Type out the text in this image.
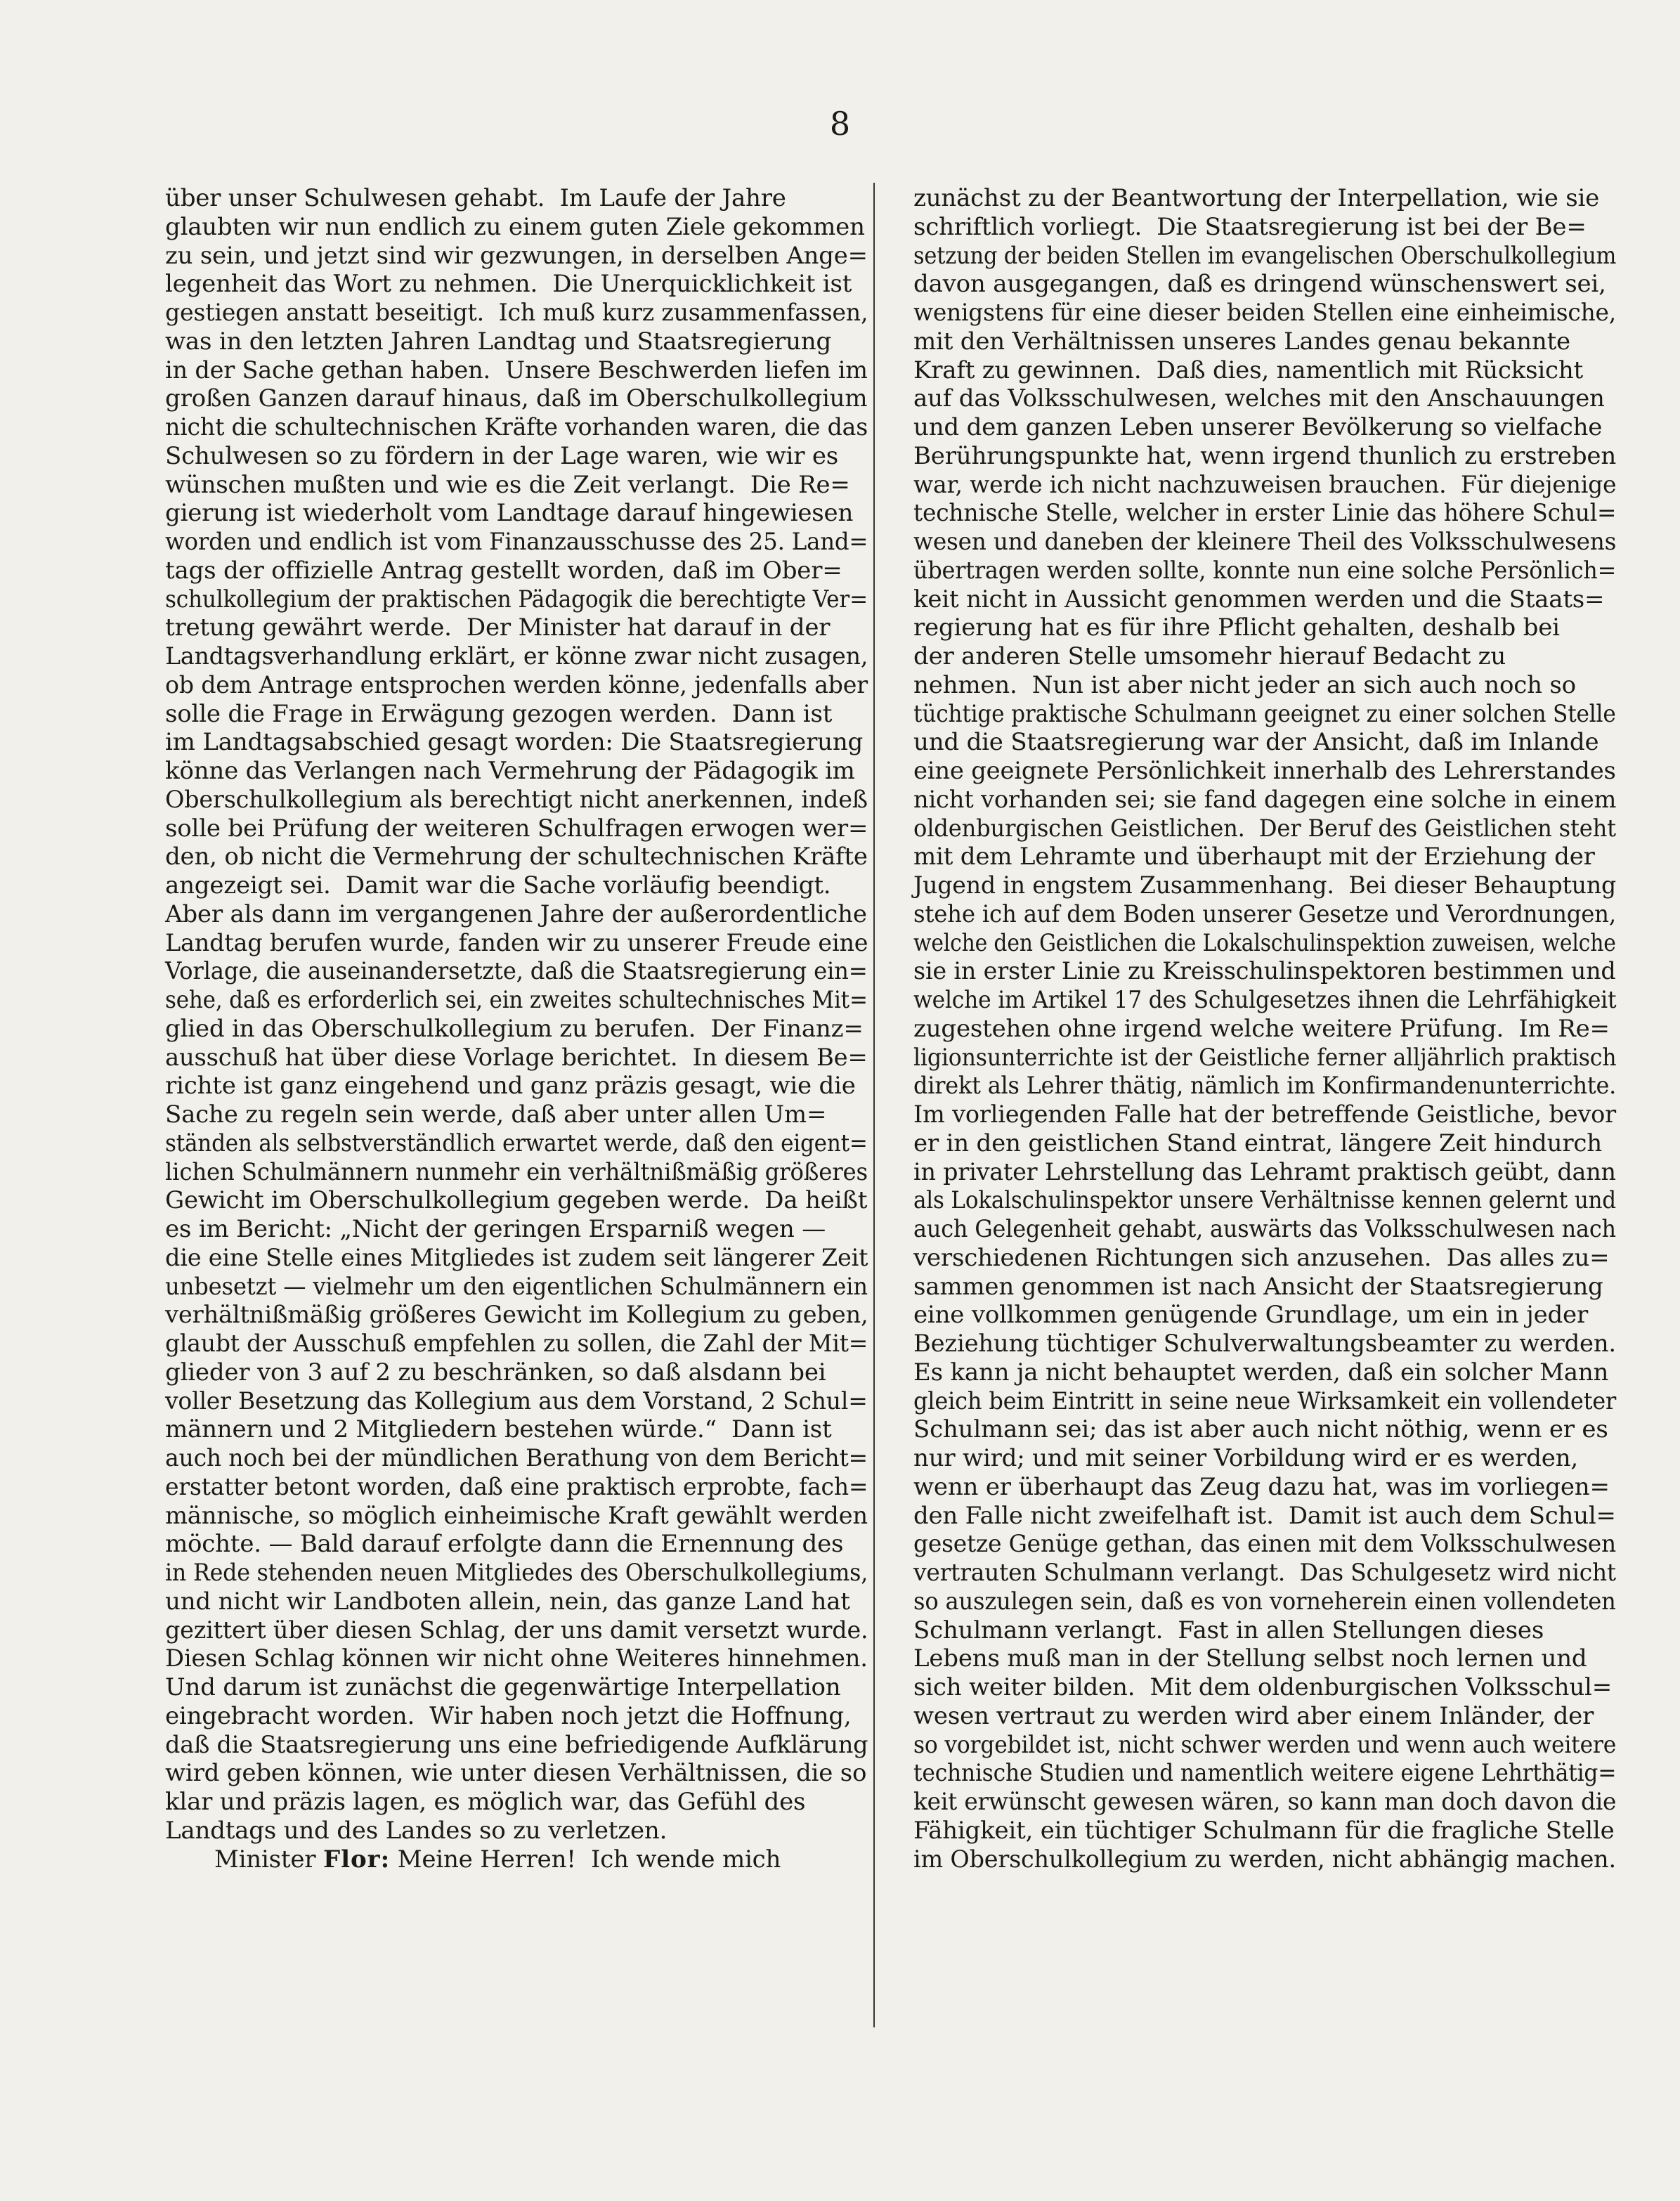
8
über unser Schulwesen gehabt.  Im Laufe der Jahre
glaubten wir nun endlich zu einem guten Ziele gekommen
zu sein, und jetzt sind wir gezwungen, in derselben Ange=
legenheit das Wort zu nehmen.  Die Unerquicklichkeit ist
gestiegen anstatt beseitigt.  Ich muß kurz zusammenfassen,
was in den letzten Jahren Landtag und Staatsregierung
in der Sache gethan haben.  Unsere Beschwerden liefen im
großen Ganzen darauf hinaus, daß im Oberschulkollegium
nicht die schultechnischen Kräfte vorhanden waren, die das
Schulwesen so zu fördern in der Lage waren, wie wir es
wünschen mußten und wie es die Zeit verlangt.  Die Re=
gierung ist wiederholt vom Landtage darauf hingewiesen
worden und endlich ist vom Finanzausschusse des 25. Land=
tags der offizielle Antrag gestellt worden, daß im Ober=
schulkollegium der praktischen Pädagogik die berechtigte Ver=
tretung gewährt werde.  Der Minister hat darauf in der
Landtagsverhandlung erklärt, er könne zwar nicht zusagen,
ob dem Antrage entsprochen werden könne, jedenfalls aber
solle die Frage in Erwägung gezogen werden.  Dann ist
im Landtagsabschied gesagt worden: Die Staatsregierung
könne das Verlangen nach Vermehrung der Pädagogik im
Oberschulkollegium als berechtigt nicht anerkennen, indeß
solle bei Prüfung der weiteren Schulfragen erwogen wer=
den, ob nicht die Vermehrung der schultechnischen Kräfte
angezeigt sei.  Damit war die Sache vorläufig beendigt.
Aber als dann im vergangenen Jahre der außerordentliche
Landtag berufen wurde, fanden wir zu unserer Freude eine
Vorlage, die auseinandersetzte, daß die Staatsregierung ein=
sehe, daß es erforderlich sei, ein zweites schultechnisches Mit=
glied in das Oberschulkollegium zu berufen.  Der Finanz=
ausschuß hat über diese Vorlage berichtet.  In diesem Be=
richte ist ganz eingehend und ganz präzis gesagt, wie die
Sache zu regeln sein werde, daß aber unter allen Um=
ständen als selbstverständlich erwartet werde, daß den eigent=
lichen Schulmännern nunmehr ein verhältnißmäßig größeres
Gewicht im Oberschulkollegium gegeben werde.  Da heißt
es im Bericht: „Nicht der geringen Ersparniß wegen —
die eine Stelle eines Mitgliedes ist zudem seit längerer Zeit
unbesetzt — vielmehr um den eigentlichen Schulmännern ein
verhältnißmäßig größeres Gewicht im Kollegium zu geben,
glaubt der Ausschuß empfehlen zu sollen, die Zahl der Mit=
glieder von 3 auf 2 zu beschränken, so daß alsdann bei
voller Besetzung das Kollegium aus dem Vorstand, 2 Schul=
männern und 2 Mitgliedern bestehen würde.“  Dann ist
auch noch bei der mündlichen Berathung von dem Bericht=
erstatter betont worden, daß eine praktisch erprobte, fach=
männische, so möglich einheimische Kraft gewählt werden
möchte. — Bald darauf erfolgte dann die Ernennung des
in Rede stehenden neuen Mitgliedes des Oberschulkollegiums,
und nicht wir Landboten allein, nein, das ganze Land hat
gezittert über diesen Schlag, der uns damit versetzt wurde.
Diesen Schlag können wir nicht ohne Weiteres hinnehmen.
Und darum ist zunächst die gegenwärtige Interpellation
eingebracht worden.  Wir haben noch jetzt die Hoffnung,
daß die Staatsregierung uns eine befriedigende Aufklärung
wird geben können, wie unter diesen Verhältnissen, die so
klar und präzis lagen, es möglich war, das Gefühl des
Landtags und des Landes so zu verletzen.
Minister Flor: Meine Herren!  Ich wende mich
zunächst zu der Beantwortung der Interpellation, wie sie
schriftlich vorliegt.  Die Staatsregierung ist bei der Be=
setzung der beiden Stellen im evangelischen Oberschulkollegium
davon ausgegangen, daß es dringend wünschenswert sei,
wenigstens für eine dieser beiden Stellen eine einheimische,
mit den Verhältnissen unseres Landes genau bekannte
Kraft zu gewinnen.  Daß dies, namentlich mit Rücksicht
auf das Volksschulwesen, welches mit den Anschauungen
und dem ganzen Leben unserer Bevölkerung so vielfache
Berührungspunkte hat, wenn irgend thunlich zu erstreben
war, werde ich nicht nachzuweisen brauchen.  Für diejenige
technische Stelle, welcher in erster Linie das höhere Schul=
wesen und daneben der kleinere Theil des Volksschulwesens
übertragen werden sollte, konnte nun eine solche Persönlich=
keit nicht in Aussicht genommen werden und die Staats=
regierung hat es für ihre Pflicht gehalten, deshalb bei
der anderen Stelle umsomehr hierauf Bedacht zu
nehmen.  Nun ist aber nicht jeder an sich auch noch so
tüchtige praktische Schulmann geeignet zu einer solchen Stelle
und die Staatsregierung war der Ansicht, daß im Inlande
eine geeignete Persönlichkeit innerhalb des Lehrerstandes
nicht vorhanden sei; sie fand dagegen eine solche in einem
oldenburgischen Geistlichen.  Der Beruf des Geistlichen steht
mit dem Lehramte und überhaupt mit der Erziehung der
Jugend in engstem Zusammenhang.  Bei dieser Behauptung
stehe ich auf dem Boden unserer Gesetze und Verordnungen,
welche den Geistlichen die Lokalschulinspektion zuweisen, welche
sie in erster Linie zu Kreisschulinspektoren bestimmen und
welche im Artikel 17 des Schulgesetzes ihnen die Lehrfähigkeit
zugestehen ohne irgend welche weitere Prüfung.  Im Re=
ligionsunterrichte ist der Geistliche ferner alljährlich praktisch
direkt als Lehrer thätig, nämlich im Konfirmandenunterrichte.
Im vorliegenden Falle hat der betreffende Geistliche, bevor
er in den geistlichen Stand eintrat, längere Zeit hindurch
in privater Lehrstellung das Lehramt praktisch geübt, dann
als Lokalschulinspektor unsere Verhältnisse kennen gelernt und
auch Gelegenheit gehabt, auswärts das Volksschulwesen nach
verschiedenen Richtungen sich anzusehen.  Das alles zu=
sammen genommen ist nach Ansicht der Staatsregierung
eine vollkommen genügende Grundlage, um ein in jeder
Beziehung tüchtiger Schulverwaltungsbeamter zu werden.
Es kann ja nicht behauptet werden, daß ein solcher Mann
gleich beim Eintritt in seine neue Wirksamkeit ein vollendeter
Schulmann sei; das ist aber auch nicht nöthig, wenn er es
nur wird; und mit seiner Vorbildung wird er es werden,
wenn er überhaupt das Zeug dazu hat, was im vorliegen=
den Falle nicht zweifelhaft ist.  Damit ist auch dem Schul=
gesetze Genüge gethan, das einen mit dem Volksschulwesen
vertrauten Schulmann verlangt.  Das Schulgesetz wird nicht
so auszulegen sein, daß es von vorneherein einen vollendeten
Schulmann verlangt.  Fast in allen Stellungen dieses
Lebens muß man in der Stellung selbst noch lernen und
sich weiter bilden.  Mit dem oldenburgischen Volksschul=
wesen vertraut zu werden wird aber einem Inländer, der
so vorgebildet ist, nicht schwer werden und wenn auch weitere
technische Studien und namentlich weitere eigene Lehrthätig=
keit erwünscht gewesen wären, so kann man doch davon die
Fähigkeit, ein tüchtiger Schulmann für die fragliche Stelle
im Oberschulkollegium zu werden, nicht abhängig machen.
